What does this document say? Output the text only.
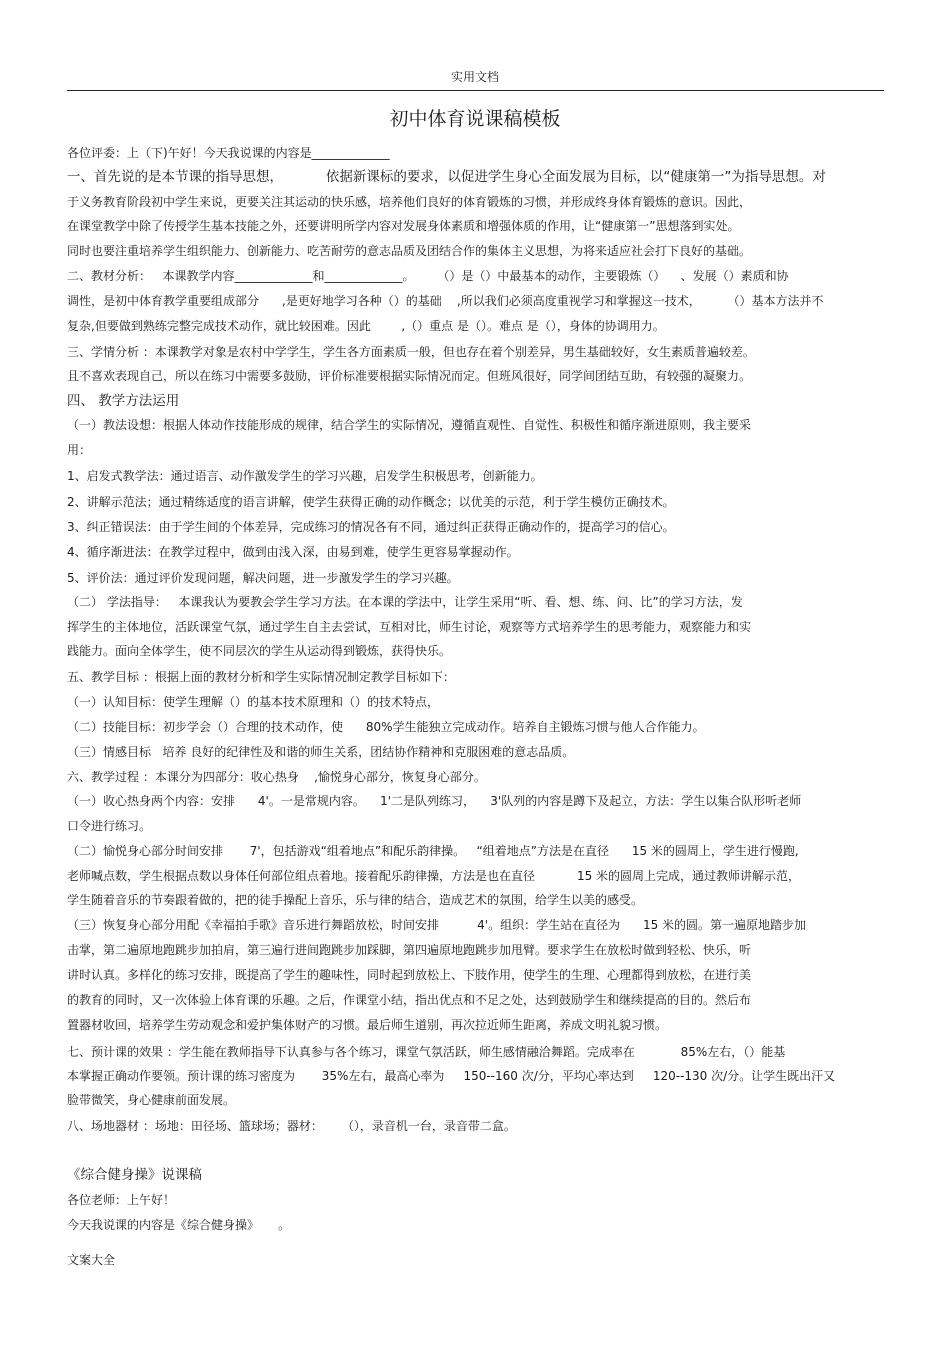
实用文档
初中体育说课稿模板
各位评委：上（下)午好！今天我说课的内容是_____________
一、首先说的是本节课的指导思想，          依据新课标的要求，以促进学生身心全面发展为目标，以“健康第一”为指导思想。对
于义务教育阶段初中学生来说，更要关注其运动的快乐感，培养他们良好的体育锻炼的习惯，并形成终身体育锻炼的意识。因此，
在课堂教学中除了传授学生基本技能之外，还要讲明所学内容对发展身体素质和增强体质的作用，让“健康第一”思想落到实处。
同时也要注重培养学生组织能力、创新能力、吃苦耐劳的意志品质及团结合作的集体主义思想，为将来适应社会打下良好的基础。
二、教材分析：   本课教学内容_____________和_____________。      （）是（）中最基本的动作，主要锻炼（）    、发展（）素质和协
调性，是初中体育教学重要组成部分      ,是更好地学习各种（）的基础    ,所以我们必须高度重视学习和掌握这一技术，       （）基本方法并不
复杂,但要做到熟练完整完成技术动作，就比较困难。因此        ,（）重点 是（）。难点 是（），身体的协调用力。
三、学情分析 ：本课教学对象是农村中学学生，学生各方面素质一般，但也存在着个别差异，男生基础较好，女生素质普遍较差。
且不喜欢表现自己，所以在练习中需要多鼓励，评价标准要根据实际情况而定。但班风很好，同学间团结互助，有较强的凝聚力。
四、 教学方法运用
（一）教法设想：根据人体动作技能形成的规律，结合学生的实际情况，遵循直观性、自觉性、积极性和循序渐进原则，我主要采
用：
1、启发式教学法：通过语言、动作激发学生的学习兴趣，启发学生积极思考，创新能力。
2、讲解示范法；通过精练适度的语言讲解，使学生获得正确的动作概念；以优美的示范，利于学生模仿正确技术。
3、纠正错误法：由于学生间的个体差异，完成练习的情况各有不同，通过纠正获得正确动作的，提高学习的信心。
4、循序渐进法：在教学过程中，做到由浅入深，由易到难，使学生更容易掌握动作。
5、评价法：通过评价发现问题，解决问题，进一步激发学生的学习兴趣。
（二） 学法指导：   本课我认为要教会学生学习方法。在本课的学法中，让学生采用“听、看、想、练、问、比”的学习方法，发
挥学生的主体地位，活跃课堂气氛，通过学生自主去尝试，互相对比，师生讨论，观察等方式培养学生的思考能力，观察能力和实
践能力。面向全体学生，使不同层次的学生从运动得到锻炼，获得快乐。
五、教学目标 ：根据上面的教材分析和学生实际情况制定教学目标如下：
（一）认知目标：使学生理解（）的基本技术原理和（）的技术特点，
（二）技能目标：初步学会（）合理的技术动作，使      80%学生能独立完成动作。培养自主锻炼习惯与他人合作能力。
（三）情感目标   培养 良好的纪律性及和谐的师生关系，团结协作精神和克服困难的意志品质。
六、教学过程 ：本课分为四部分：收心热身    ,愉悦身心部分，恢复身心部分。
（一）收心热身两个内容：安排      4'。一是常规内容。    1'二是队列练习，    3'队列的内容是蹲下及起立，方法：学生以集合队形听老师
口令进行练习。
（二）愉悦身心部分时间安排       7'，包括游戏“组着地点”和配乐韵律操。   “组着地点”方法是在直径      15 米的圆周上，学生进行慢跑,
老师喊点数，学生根据点数以身体任何部位组点着地。接着配乐韵律操，方法是也在直径           15 米的圆周上完成，通过教师讲解示范，
学生随着音乐的节奏跟着做的，把的徒手操配上音乐，乐与律的结合，造成艺术的氛围，给学生以美的感受。
（三）恢复身心部分用配《幸福拍手歌》音乐进行舞蹈放松，时间安排          4'。组织：学生站在直径为      15 米的圆。第一遍原地踏步加
击掌，第二遍原地跑跳步加拍肩，第三遍行进间跑跳步加踩脚，第四遍原地跑跳步加甩臂。要求学生在放松时做到轻松、快乐，听
讲时认真。多样化的练习安排，既提高了学生的趣味性，同时起到放松上、下肢作用，使学生的生理、心理都得到放松，在进行美
的教育的同时，又一次体验上体育课的乐趣。之后，作课堂小结，指出优点和不足之处，达到鼓励学生和继续提高的目的。然后布
置器材收回，培养学生劳动观念和爱护集体财产的习惯。最后师生道别，再次拉近师生距离，养成文明礼貌习惯。
七、预计课的效果 ：学生能在教师指导下认真参与各个练习，课堂气氛活跃，师生感情融洽舞蹈。完成率在            85%左右，（）能基
本掌握正确动作要领。预计课的练习密度为       35%左右，最高心率为     150--160 次/分，平均心率达到     120--130 次/分。让学生既出汗又
脸带微笑，身心健康前面发展。
八、场地器材 ：场地：田径场、篮球场；器材：     （），录音机一台，录音带二盒。
《综合健身操》说课稿
各位老师：上午好！
今天我说课的内容是《综合健身操》     。
文案大全
